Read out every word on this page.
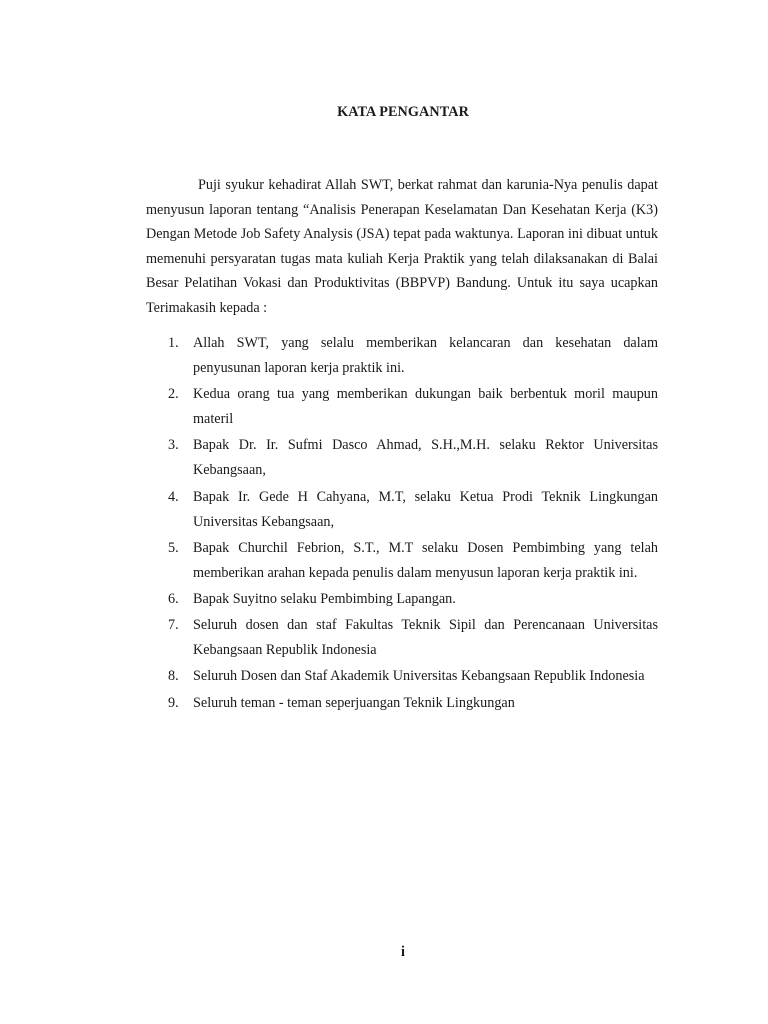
KATA PENGANTAR

Puji syukur kehadirat Allah SWT, berkat rahmat dan karunia-Nya penulis dapat menyusun laporan tentang “Analisis Penerapan Keselamatan Dan Kesehatan Kerja (K3) Dengan Metode Job Safety Analysis (JSA) tepat pada waktunya. Laporan ini dibuat untuk memenuhi persyaratan tugas mata kuliah Kerja Praktik yang telah dilaksanakan di Balai Besar Pelatihan Vokasi dan Produktivitas (BBPVP) Bandung. Untuk itu saya ucapkan Terimakasih kepada :

1. Allah SWT, yang selalu memberikan kelancaran dan kesehatan dalam penyusunan laporan kerja praktik ini.
2. Kedua orang tua yang memberikan dukungan baik berbentuk moril maupun materil
3. Bapak Dr. Ir. Sufmi Dasco Ahmad, S.H.,M.H. selaku Rektor Universitas Kebangsaan,
4. Bapak Ir. Gede H Cahyana, M.T, selaku Ketua Prodi Teknik Lingkungan Universitas Kebangsaan,
5. Bapak Churchil Febrion, S.T., M.T selaku Dosen Pembimbing yang telah memberikan arahan kepada penulis dalam menyusun laporan kerja praktik ini.
6. Bapak Suyitno selaku Pembimbing Lapangan.
7. Seluruh dosen dan staf Fakultas Teknik Sipil dan Perencanaan Universitas Kebangsaan Republik Indonesia
8. Seluruh Dosen dan Staf Akademik Universitas Kebangsaan Republik Indonesia
9. Seluruh teman - teman seperjuangan Teknik Lingkungan
i
